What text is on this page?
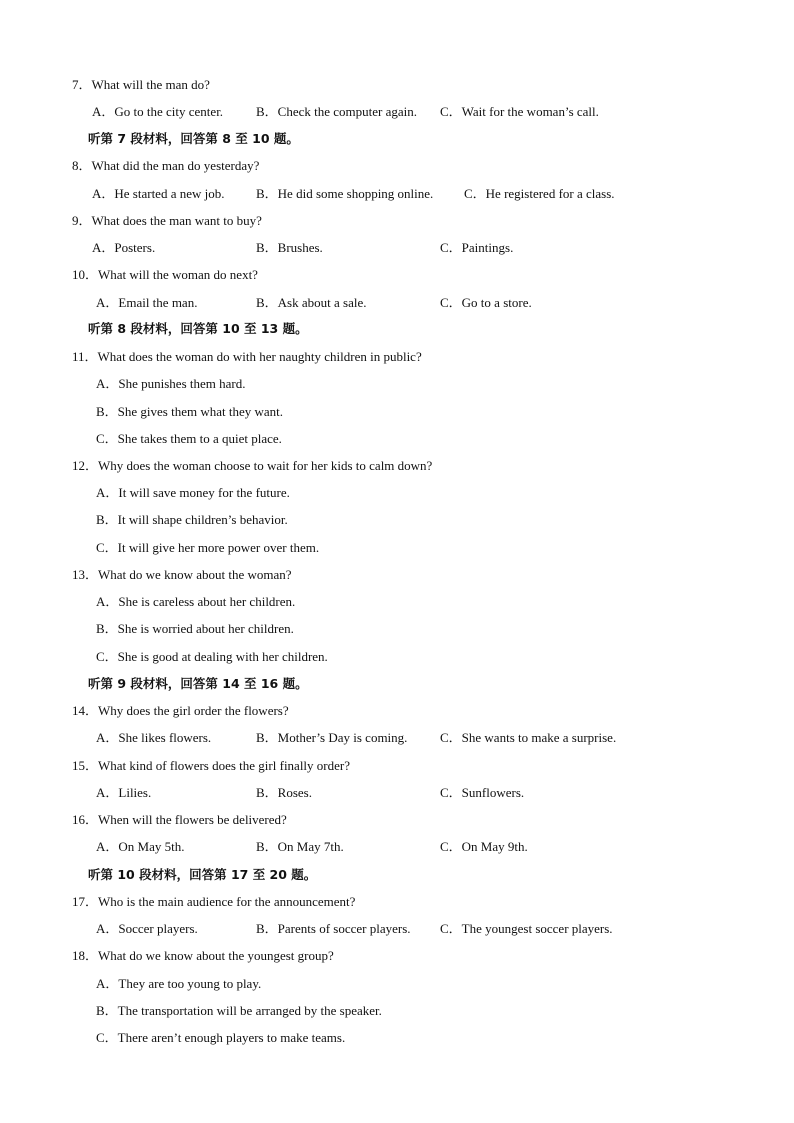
7．What will the man do?
A．Go to the city center.	B．Check the computer again. C．Wait for the woman’s call.
听第 7 段材料，回答第 8 至 10 题。
8．What did the man do yesterday?
A．He started a new job. B．He did some shopping online. C．He registered for a class.
9．What does the man want to buy?
A．Posters.	B．Brushes.	C．Paintings.
10．What will the woman do next?
A．Email the man.	B．Ask about a sale.	C．Go to a store.
听第 8 段材料，回答第 10 至 13 题。
11．What does the woman do with her naughty children in public?
A．She punishes them hard.
B．She gives them what they want.
C．She takes them to a quiet place.
12．Why does the woman choose to wait for her kids to calm down?
A．It will save money for the future.
B．It will shape children’s behavior.
C．It will give her more power over them.
13．What do we know about the woman?
A．She is careless about her children.
B．She is worried about her children.
C．She is good at dealing with her children.
听第 9 段材料，回答第 14 至 16 题。
14．Why does the girl order the flowers?
A．She likes flowers.	B．Mother’s Day is coming.	C．She wants to make a surprise.
15．What kind of flowers does the girl finally order?
A．Lilies.	B．Roses.	C．Sunflowers.
16．When will the flowers be delivered?
A．On May 5th.	B．On May 7th.	C．On May 9th.
听第 10 段材料，回答第 17 至 20 题。
17．Who is the main audience for the announcement?
A．Soccer players.	B．Parents of soccer players. C．The youngest soccer players.
18．What do we know about the youngest group?
A．They are too young to play.
B．The transportation will be arranged by the speaker.
C．There aren’t enough players to make teams.
